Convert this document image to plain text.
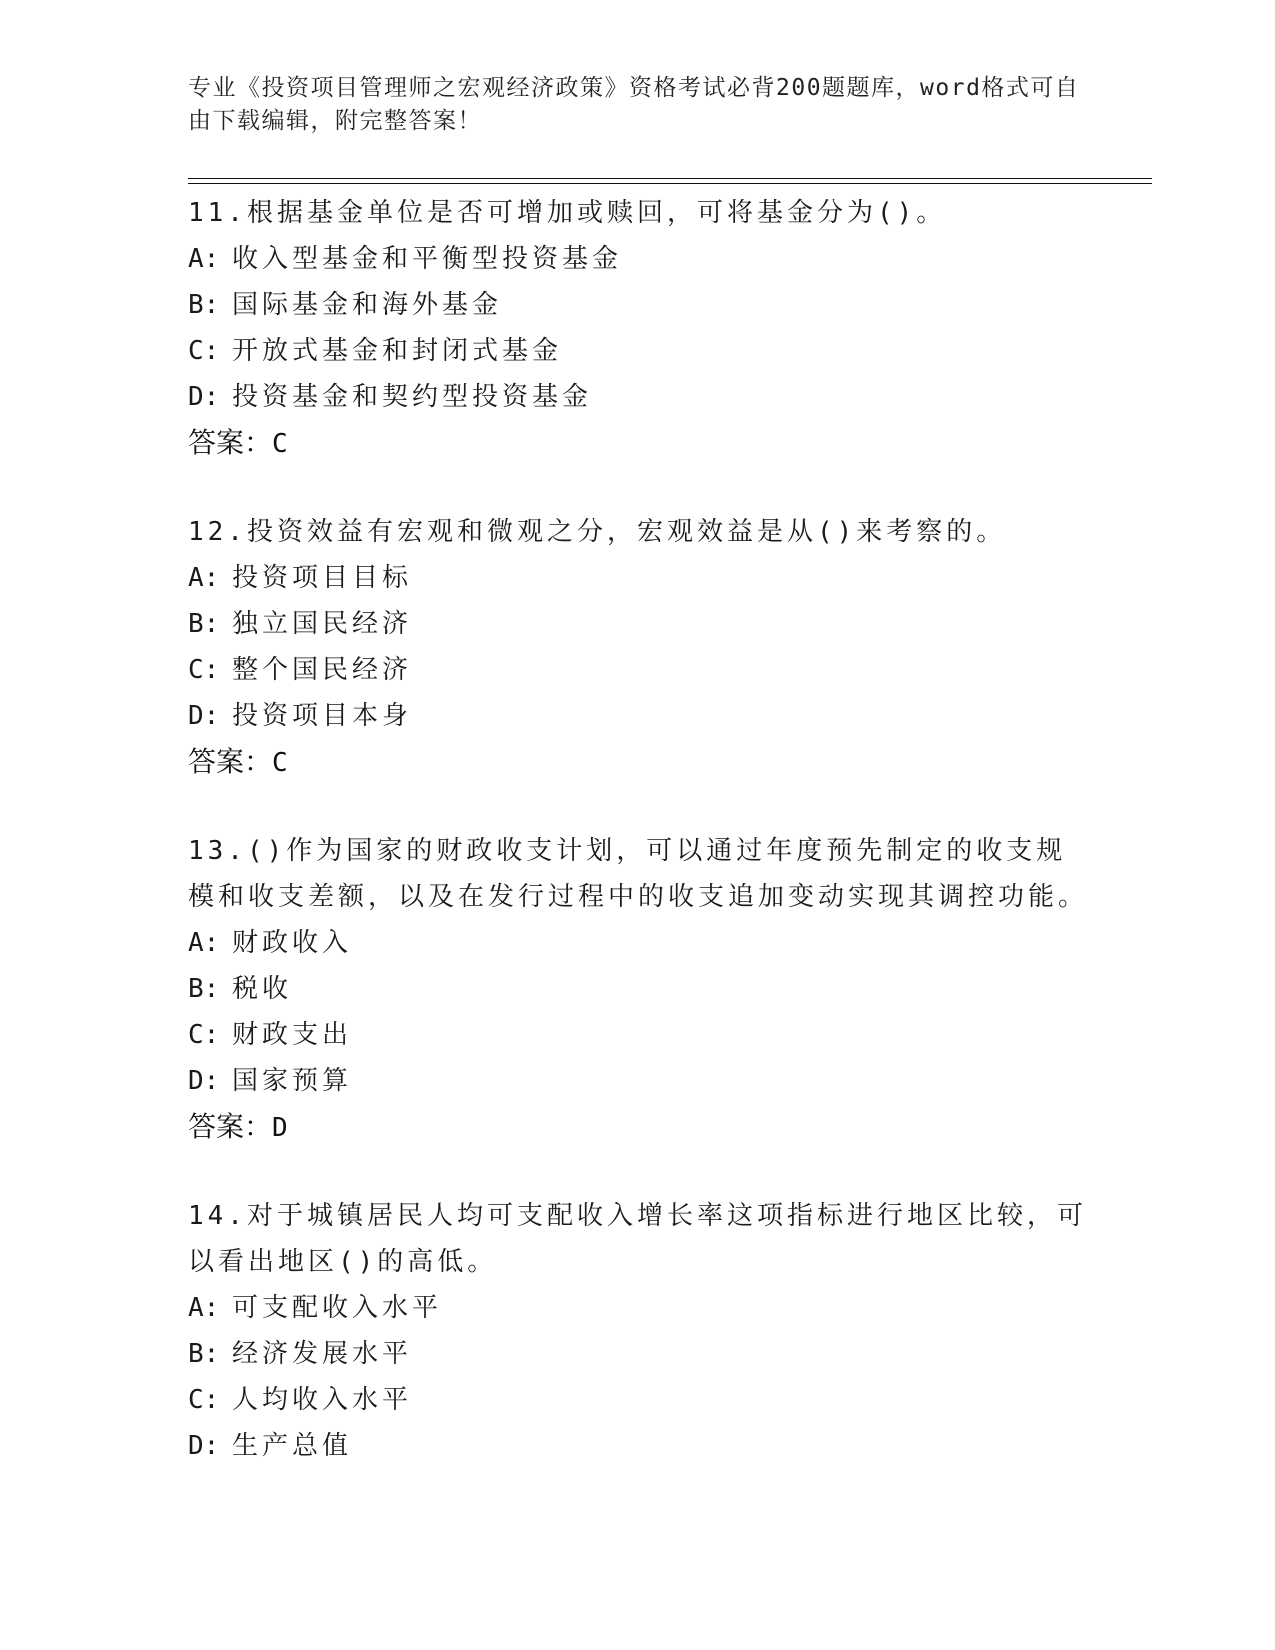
专业《投资项目管理师之宏观经济政策》资格考试必背200题题库，word格式可自由下载编辑，附完整答案！

11.根据基金单位是否可增加或赎回，可将基金分为()。

A: 收入型基金和平衡型投资基金

B: 国际基金和海外基金

C: 开放式基金和封闭式基金

D: 投资基金和契约型投资基金

答案：C

12.投资效益有宏观和微观之分，宏观效益是从()来考察的。

A: 投资项目目标

B: 独立国民经济

C: 整个国民经济

D: 投资项目本身

答案：C

13.()作为国家的财政收支计划，可以通过年度预先制定的收支规模和收支差额，以及在发行过程中的收支追加变动实现其调控功能。

A: 财政收入

B: 税收

C: 财政支出

D: 国家预算

答案：D

14.对于城镇居民人均可支配收入增长率这项指标进行地区比较，可以看出地区()的高低。

A: 可支配收入水平

B: 经济发展水平

C: 人均收入水平

D: 生产总值
